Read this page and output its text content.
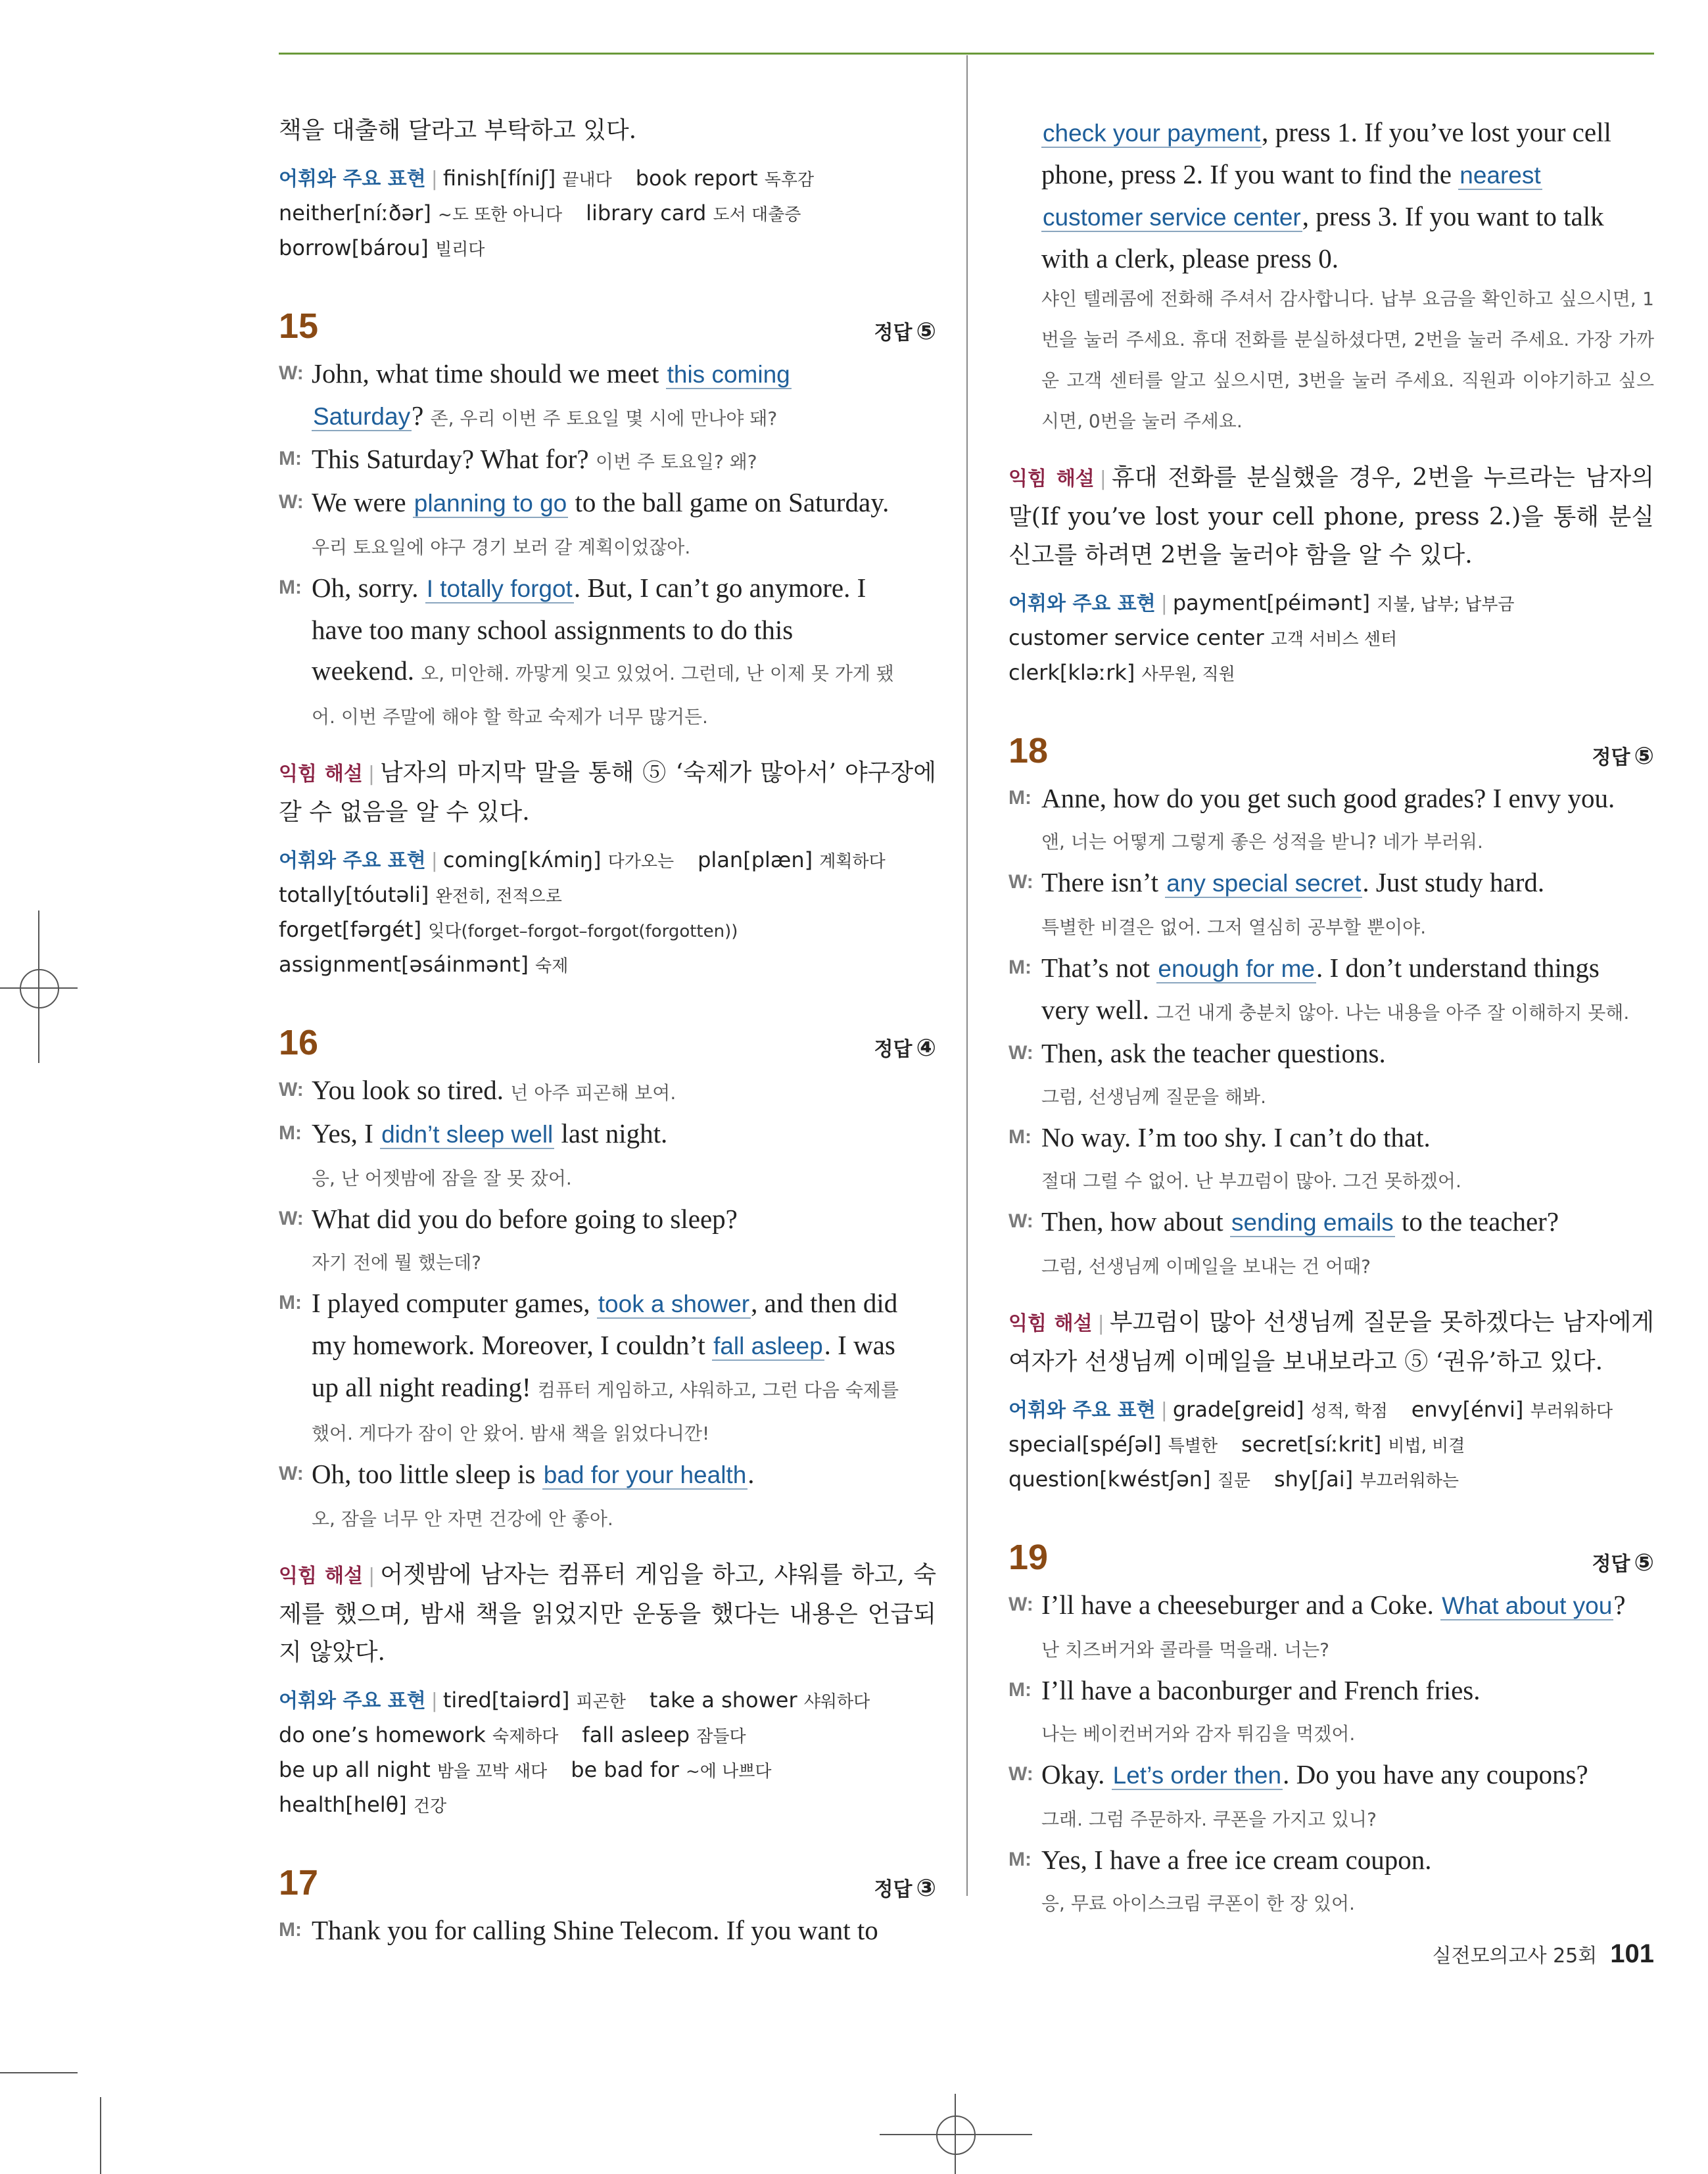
책을 대출해 달라고 부탁하고 있다.
어휘와 주요 표현 | finish[fíniʃ] 끝내다 book report 독후감
neither[níːðər] ~도 또한 아니다 library card 도서 대출증
borrow[bárou] 빌리다
15	정답 ⑤
W: John, what time should we meet this coming
Saturday? 존, 우리 이번 주 토요일 몇 시에 만나야 돼?
M: This Saturday? What for? 이번 주 토요일? 왜?
W: We were planning to go to the ball game on Saturday.
우리 토요일에 야구 경기 보러 갈 계획이었잖아.
M: Oh, sorry. I totally forgot. But, I can’t go anymore. I
have too many school assignments to do this
weekend. 오, 미안해. 까맣게 잊고 있었어. 그런데, 난 이제 못 가게 됐
어. 이번 주말에 해야 할 학교 숙제가 너무 많거든.
익힘 해설 | 남자의 마지막 말을 통해 ⑤ ‘숙제가 많아서’ 야구장에 갈 수 없음을 알 수 있다.
어휘와 주요 표현 | coming[kʌ́miŋ] 다가오는 plan[plæn] 계획하다
totally[tóutəli] 완전히, 전적으로
forget[fərgét] 잊다(forget–forgot–forgot(forgotten))
assignment[əsáinmənt] 숙제
16	정답 ④
W: You look so tired. 넌 아주 피곤해 보여.
M: Yes, I didn’t sleep well last night.
응, 난 어젯밤에 잠을 잘 못 잤어.
W: What did you do before going to sleep?
자기 전에 뭘 했는데?
M: I played computer games, took a shower, and then did
my homework. Moreover, I couldn’t fall asleep. I was
up all night reading! 컴퓨터 게임하고, 샤워하고, 그런 다음 숙제를
했어. 게다가 잠이 안 왔어. 밤새 책을 읽었다니깐!
W: Oh, too little sleep is bad for your health.
오, 잠을 너무 안 자면 건강에 안 좋아.
익힘 해설 | 어젯밤에 남자는 컴퓨터 게임을 하고, 샤워를 하고, 숙제를 했으며, 밤새 책을 읽었지만 운동을 했다는 내용은 언급되지 않았다.
어휘와 주요 표현 | tired[taiərd] 피곤한 take a shower 샤워하다
do one’s homework 숙제하다 fall asleep 잠들다
be up all night 밤을 꼬박 새다 be bad for ~에 나쁘다
health[helθ] 건강
17	정답 ③
M: Thank you for calling Shine Telecom. If you want to
check your payment, press 1. If you’ve lost your cell
phone, press 2. If you want to find the nearest
customer service center, press 3. If you want to talk
with a clerk, please press 0.
샤인 텔레콤에 전화해 주셔서 감사합니다. 납부 요금을 확인하고 싶으시면, 1번을 눌러 주세요. 휴대 전화를 분실하셨다면, 2번을 눌러 주세요. 가장 가까운 고객 센터를 알고 싶으시면, 3번을 눌러 주세요. 직원과 이야기하고 싶으시면, 0번을 눌러 주세요.
익힘 해설 | 휴대 전화를 분실했을 경우, 2번을 누르라는 남자의 말(If you’ve lost your cell phone, press 2.)을 통해 분실 신고를 하려면 2번을 눌러야 함을 알 수 있다.
어휘와 주요 표현 | payment[péimənt] 지불, 납부; 납부금
customer service center 고객 서비스 센터
clerk[kləːrk] 사무원, 직원
18	정답 ⑤
M: Anne, how do you get such good grades? I envy you.
앤, 너는 어떻게 그렇게 좋은 성적을 받니? 네가 부러워.
W: There isn’t any special secret. Just study hard.
특별한 비결은 없어. 그저 열심히 공부할 뿐이야.
M: That’s not enough for me. I don’t understand things
very well. 그건 내게 충분치 않아. 나는 내용을 아주 잘 이해하지 못해.
W: Then, ask the teacher questions.
그럼, 선생님께 질문을 해봐.
M: No way. I’m too shy. I can’t do that.
절대 그럴 수 없어. 난 부끄럼이 많아. 그건 못하겠어.
W: Then, how about sending emails to the teacher?
그럼, 선생님께 이메일을 보내는 건 어때?
익힘 해설 | 부끄럼이 많아 선생님께 질문을 못하겠다는 남자에게 여자가 선생님께 이메일을 보내보라고 ⑤ ‘권유’하고 있다.
어휘와 주요 표현 | grade[greid] 성적, 학점 envy[énvi] 부러워하다
special[spéʃəl] 특별한 secret[síːkrit] 비법, 비결
question[kwéstʃən] 질문 shy[ʃai] 부끄러워하는
19	정답 ⑤
W: I’ll have a cheeseburger and a Coke. What about you?
난 치즈버거와 콜라를 먹을래. 너는?
M: I’ll have a baconburger and French fries.
나는 베이컨버거와 감자 튀김을 먹겠어.
W: Okay. Let’s order then. Do you have any coupons?
그래. 그럼 주문하자. 쿠폰을 가지고 있니?
M: Yes, I have a free ice cream coupon.
응, 무료 아이스크림 쿠폰이 한 장 있어.
실전모의고사 25회 101
